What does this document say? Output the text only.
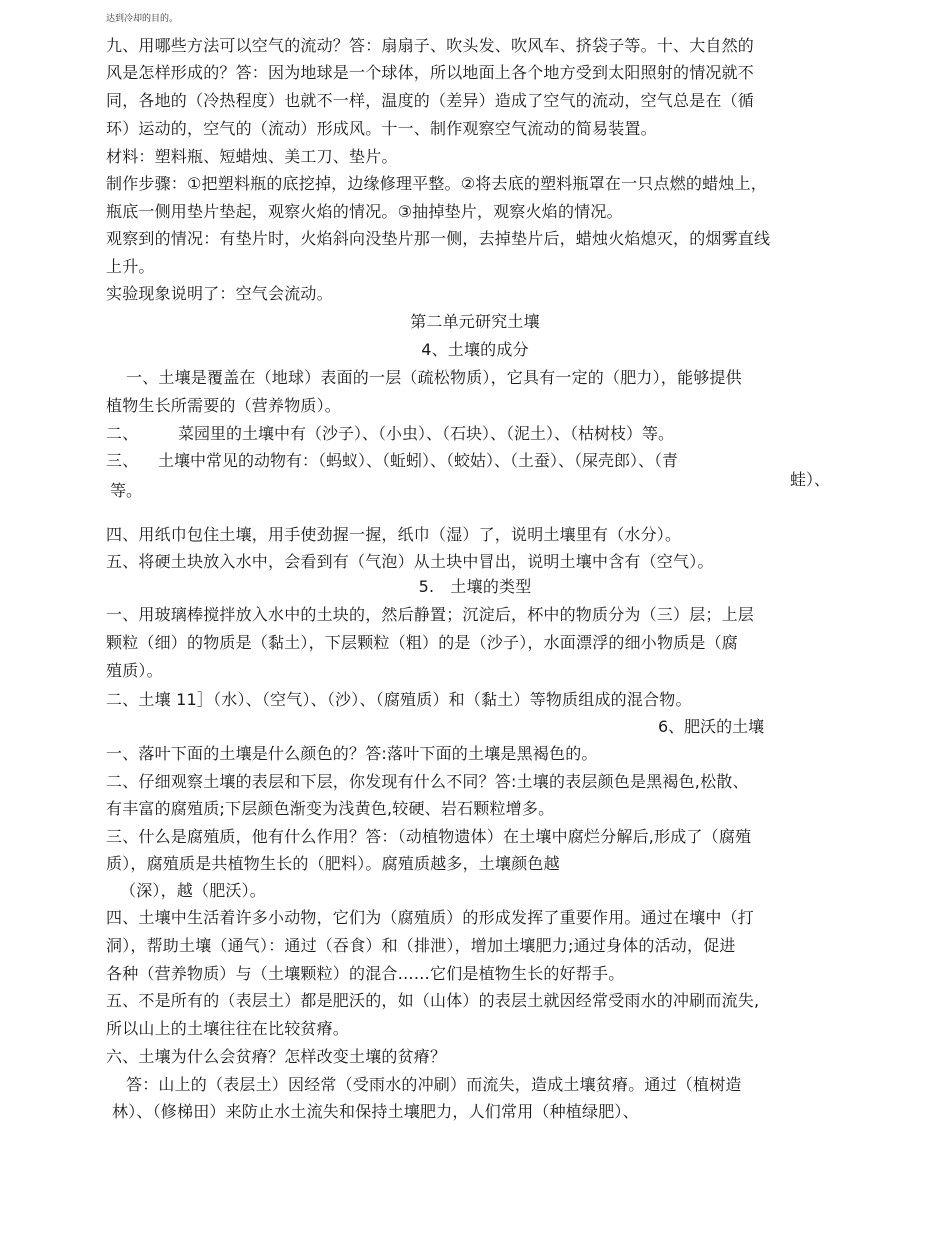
达到冷却的目的。
九、用哪些方法可以空气的流动？答：扇扇子、吹头发、吹风车、挤袋子等。十、大自然的
风是怎样形成的？答：因为地球是一个球体，所以地面上各个地方受到太阳照射的情况就不
同，各地的（冷热程度）也就不一样，温度的（差异）造成了空气的流动，空气总是在（循
环）运动的，空气的（流动）形成风。十一、制作观察空气流动的简易装置。
材料：塑料瓶、短蜡烛、美工刀、垫片。
制作步骤：①把塑料瓶的底挖掉，边缘修理平整。②将去底的塑料瓶罩在一只点燃的蜡烛上，
瓶底一侧用垫片垫起，观察火焰的情况。③抽掉垫片，观察火焰的情况。
观察到的情况：有垫片时，火焰斜向没垫片那一侧，去掉垫片后，蜡烛火焰熄灭，的烟雾直线
上升。
实验现象说明了：空气会流动。
第二单元研究土壤
4、土壤的成分
一、土壤是覆盖在（地球）表面的一层（疏松物质），它具有一定的（肥力），能够提供
植物生长所需要的（营养物质）。
二、 菜园里的土壤中有（沙子）、（小虫）、（石块）、（泥土）、（枯树枝）等。
三、 土壤中常见的动物有：（蚂蚁）、（蚯蚓）、（蛟姑）、（土蚕）、（屎壳郎）、（青
蛙）、
等。
四、用纸巾包住土壤，用手使劲握一握，纸巾（湿）了，说明土壤里有（水分）。
五、将硬土块放入水中，会看到有（气泡）从土块中冒出，说明土壤中含有（空气）。
5.　土壤的类型
一、用玻璃棒搅拌放入水中的土块的，然后静置；沉淀后，杯中的物质分为（三）层；上层
颗粒（细）的物质是（黏土），下层颗粒（粗）的是（沙子），水面漂浮的细小物质是（腐
殖质）。
二、土壤 11］（水）、（空气）、（沙）、（腐殖质）和（黏土）等物质组成的混合物。
6、肥沃的土壤
一、落叶下面的土壤是什么颜色的？答:落叶下面的土壤是黑褐色的。
二、仔细观察土壤的表层和下层，你发现有什么不同？答:土壤的表层颜色是黑褐色,松散、
有丰富的腐殖质;下层颜色渐变为浅黄色,较硬、岩石颗粒增多。
三、什么是腐殖质，他有什么作用？答：（动植物遗体）在土壤中腐烂分解后,形成了（腐殖
质），腐殖质是共植物生长的（肥料）。腐殖质越多，土壤颜色越
（深），越（肥沃）。
四、土壤中生活着许多小动物，它们为（腐殖质）的形成发挥了重要作用。通过在壤中（打
洞），帮助土壤（通气）：通过（吞食）和（排泄），增加土壤肥力;通过身体的活动，促进
各种（营养物质）与（土壤颗粒）的混合……它们是植物生长的好帮手。
五、不是所有的（表层土）都是肥沃的，如（山体）的表层土就因经常受雨水的冲刷而流失,
所以山上的土壤往往在比较贫瘠。
六、土壤为什么会贫瘠？怎样改变土壤的贫瘠？
答：山上的（表层土）因经常（受雨水的冲刷）而流失，造成土壤贫瘠。通过（植树造
林）、（修梯田）来防止水土流失和保持土壤肥力，人们常用（种植绿肥）、
